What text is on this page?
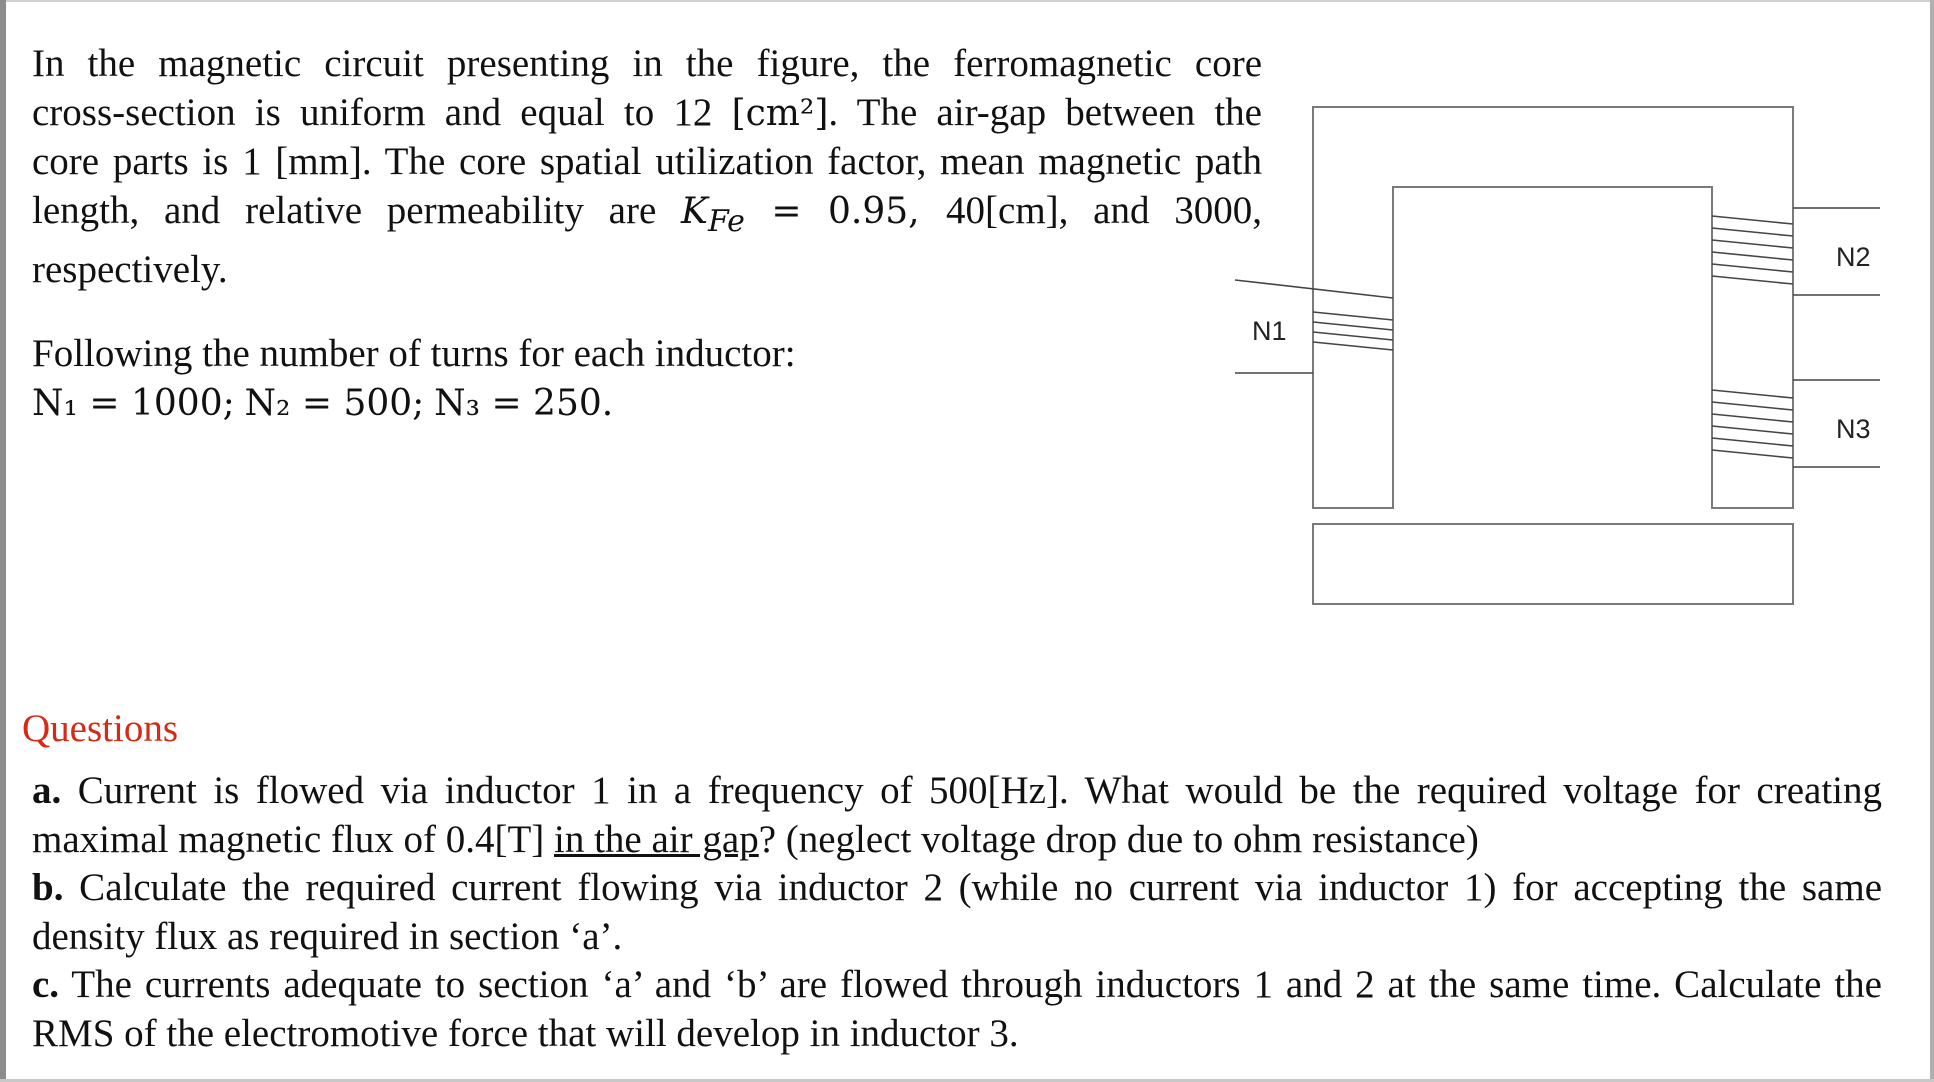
In the magnetic circuit presenting in the figure, the ferromagnetic core
cross-section is uniform and equal to 12 [cm²]. The air-gap between the
core parts is 1 [mm]. The core spatial utilization factor, mean magnetic path
length, and relative permeability are $K_{Fe} = 0.95$, 40[cm], and 3000,

respectively.
Following the number of turns for each inductor:
N₁ = 1000; N₂ = 500; N₃ = 250.
N1
N2
N3

Questions

a. Current is flowed via inductor 1 in a frequency of 500[Hz]. What would be the required voltage for creating maximal magnetic flux of 0.4[T] in the air gap? (neglect voltage drop due to ohm resistance)
b. Calculate the required current flowing via inductor 2 (while no current via inductor 1) for accepting the same density flux as required in section ‘a’.
c. The currents adequate to section ‘a’ and ‘b’ are flowed through inductors 1 and 2 at the same time. Calculate the RMS of the electromotive force that will develop in inductor 3.
